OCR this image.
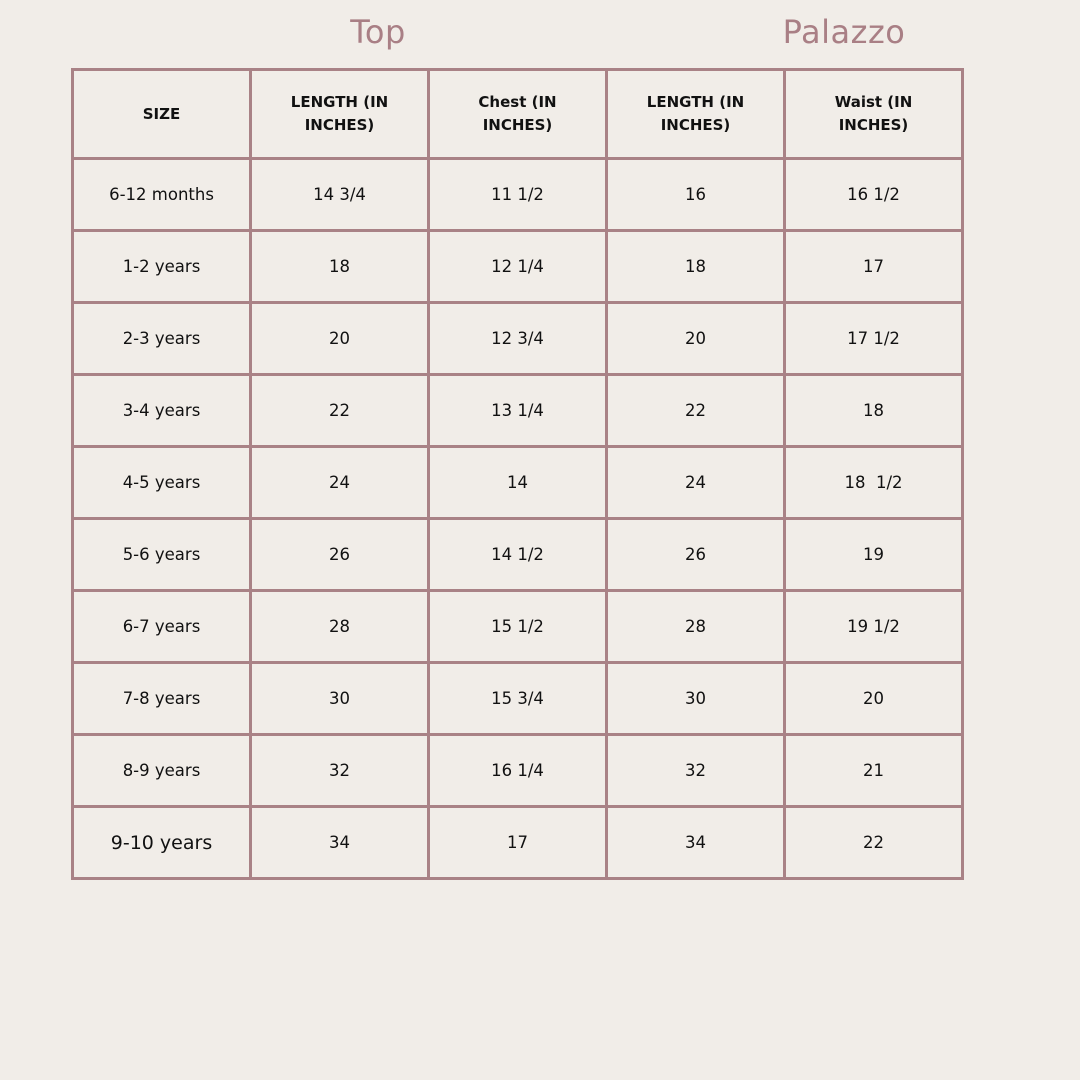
Top	Palazzo
SIZE	LENGTH (IN INCHES)	Chest (IN INCHES)	LENGTH (IN INCHES)	Waist (IN INCHES)
6-12 months	14 3/4	11 1/2	16	16 1/2
1-2 years	18	12 1/4	18	17
2-3 years	20	12 3/4	20	17 1/2
3-4 years	22	13 1/4	22	18
4-5 years	24	14	24	18  1/2
5-6 years	26	14 1/2	26	19
6-7 years	28	15 1/2	28	19 1/2
7-8 years	30	15 3/4	30	20
8-9 years	32	16 1/4	32	21
9-10 years	34	17	34	22
